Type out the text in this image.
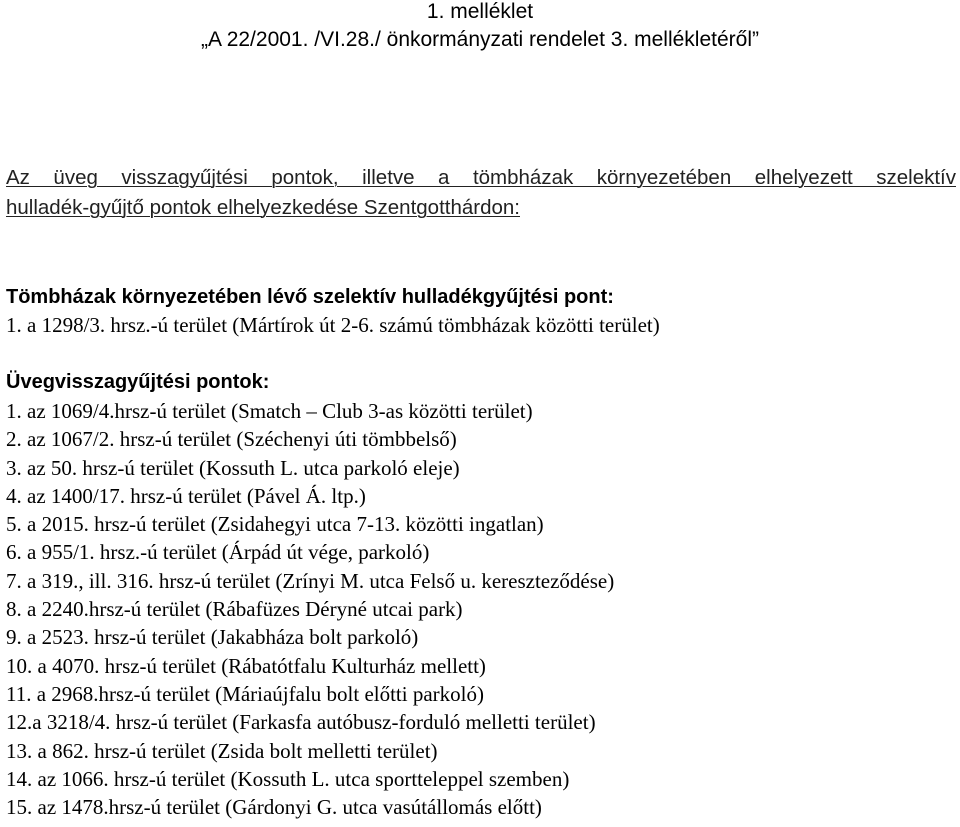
1. melléklet
„A 22/2001. /VI.28./ önkormányzati rendelet 3. mellékletéről”
Az üveg visszagyűjtési pontok, illetve a tömbházak környezetében elhelyezett szelektív
hulladék-gyűjtő pontok elhelyezkedése Szentgotthárdon:
Tömbházak környezetében lévő szelektív hulladékgyűjtési pont:
1. a 1298/3. hrsz.-ú terület (Mártírok út 2-6. számú tömbházak közötti terület)
Üvegvisszagyűjtési pontok:
1. az 1069/4.hrsz-ú terület (Smatch – Club 3-as közötti terület)
2. az 1067/2. hrsz-ú terület (Széchenyi úti tömbbelső)
3. az 50. hrsz-ú terület (Kossuth L. utca parkoló eleje)
4. az 1400/17. hrsz-ú terület (Pável Á. ltp.)
5. a 2015. hrsz-ú terület (Zsidahegyi utca 7-13. közötti ingatlan)
6. a 955/1. hrsz.-ú terület (Árpád út vége, parkoló)
7. a 319., ill. 316. hrsz-ú terület (Zrínyi M. utca Felső u. kereszteződése)
8. a 2240.hrsz-ú terület (Rábafüzes Déryné utcai park)
9. a 2523. hrsz-ú terület (Jakabháza bolt parkoló)
10. a 4070. hrsz-ú terület (Rábatótfalu Kulturház mellett)
11. a 2968.hrsz-ú terület (Máriaújfalu bolt előtti parkoló)
12.a 3218/4. hrsz-ú terület (Farkasfa autóbusz-forduló melletti terület)
13. a 862. hrsz-ú terület (Zsida bolt melletti terület)
14. az 1066. hrsz-ú terület (Kossuth L. utca sportteleppel szemben)
15. az 1478.hrsz-ú terület (Gárdonyi G. utca vasútállomás előtt)
